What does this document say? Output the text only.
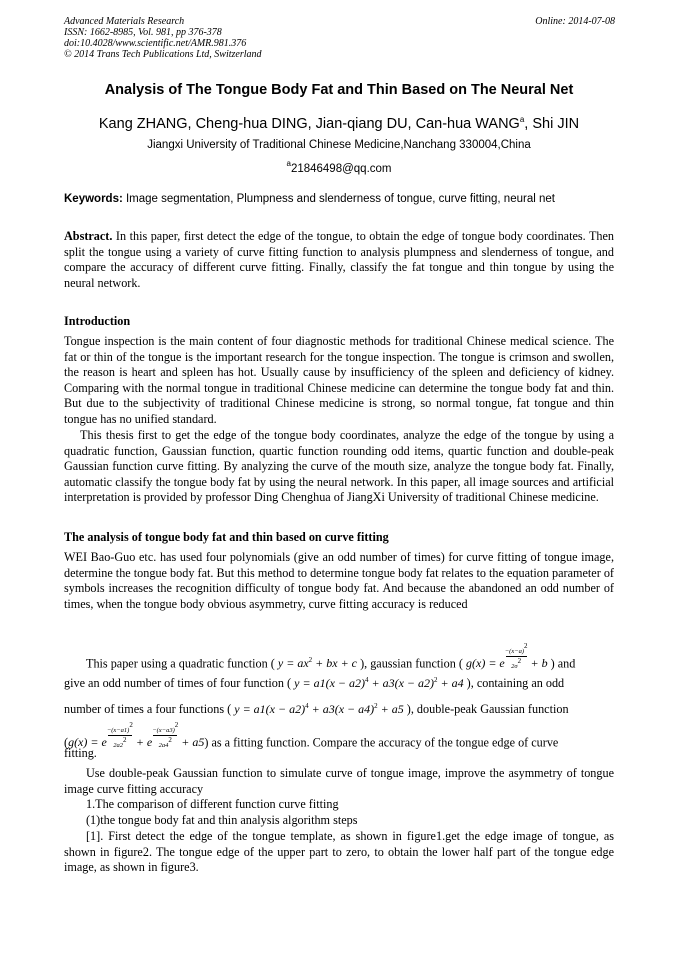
Advanced Materials Research
ISSN: 1662-8985, Vol. 981, pp 376-378
doi:10.4028/www.scientific.net/AMR.981.376
© 2014 Trans Tech Publications Ltd, Switzerland
Online: 2014-07-08
Analysis of The Tongue Body Fat and Thin Based on The Neural Net
Kang ZHANG, Cheng-hua DING, Jian-qiang DU, Can-hua WANG$^a$, Shi JIN
Jiangxi University of Traditional Chinese Medicine,Nanchang 330004,China
$^a$21846498@qq.com
Keywords: Image segmentation, Plumpness and slenderness of tongue, curve fitting, neural net
Abstract. In this paper, first detect the edge of the tongue, to obtain the edge of tongue body coordinates. Then split the tongue using a variety of curve fitting function to analysis plumpness and slenderness of tongue, and compare the accuracy of different curve fitting. Finally, classify the fat tongue and thin tongue by using the neural network.
Introduction
Tongue inspection is the main content of four diagnostic methods for traditional Chinese medical science. The fat or thin of the tongue is the important research for the tongue inspection. The tongue is crimson and swollen, the reason is heart and spleen has hot. Usually cause by insufficiency of the spleen and deficiency of kidney. Comparing with the normal tongue in traditional Chinese medicine can determine the tongue body fat and thin. But due to the subjectivity of traditional Chinese medicine is strong, so normal tongue, fat tongue and thin tongue has no unified standard.
This thesis first to get the edge of the tongue body coordinates, analyze the edge of the tongue by using a quadratic function, Gaussian function, quartic function rounding odd items, quartic function and double-peak Gaussian function curve fitting. By analyzing the curve of the mouth size, analyze the tongue body fat. Finally, automatic classify the tongue body fat by using the neural network. In this paper, all image sources and artificial interpretation is provided by professor Ding Chenghua of JiangXi University of traditional Chinese medicine.
The analysis of tongue body fat and thin based on curve fitting
WEI Bao-Guo etc. has used four polynomials (give an odd number of times) for curve fitting of tongue image, determine the tongue body fat. But this method to determine tongue body fat relates to the equation parameter of symbols increases the recognition difficulty of tongue body fat. And because the abandoned an odd number of times, when the tongue body obvious asymmetry, curve fitting accuracy is reduced
This paper using a quadratic function ( $y = ax^2$ + bx + c ), gaussian function ( g(x) = e $\frac{-(x-a)^2}{2\sigma^2} + b$ ) and
give an odd number of times of four function ( $y = a1(x - a2)^4 + a3(x - a2)^2 + a4$ ), containing an odd
number of times a four functions ( $y = a1(x - a2)^4 + a3(x - a4)^2 + a5$ ), double-peak Gaussian function
(g(x) = e $\frac{-(x-a1)^2}{2a2^2} + e \frac{-(x-a3)^2}{2a4^2} + a5$) as a fitting function. Compare the accuracy of the tongue edge of curve
fitting.
Use double-peak Gaussian function to simulate curve of tongue image, improve the asymmetry of tongue image curve fitting accuracy
1.The comparison of different function curve fitting
(1)the tongue body fat and thin analysis algorithm steps
[1]. First detect the edge of the tongue template, as shown in figure1.get the edge image of tongue, as shown in figure2. The tongue edge of the upper part to zero, to obtain the lower half part of the tongue edge image, as shown in figure3.
